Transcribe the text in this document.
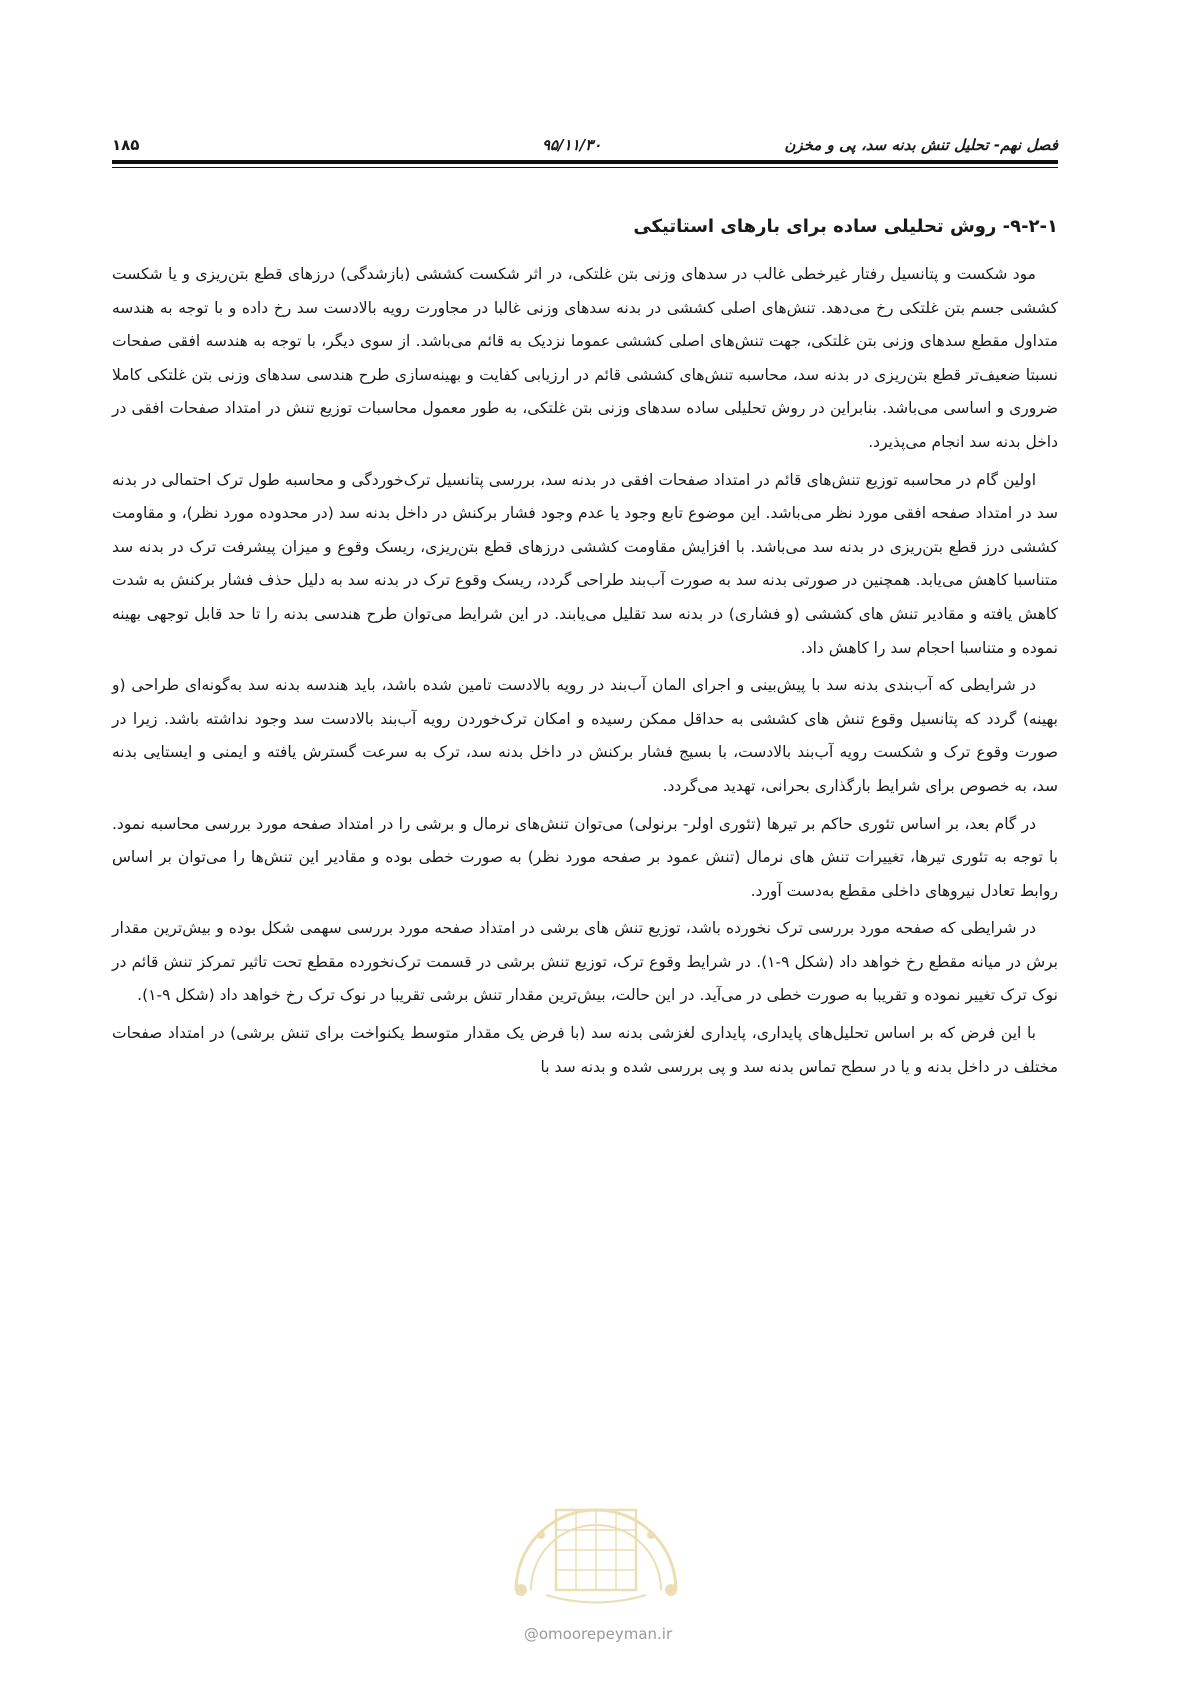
فصل نهم- تحلیل تنش بدنه سد، پی و مخزن
۹۵/۱۱/۳۰
۱۸۵
۹-۲-۱- روش تحلیلی ساده برای بارهای استاتیکی

مود شکست و پتانسیل رفتار غیرخطی غالب در سدهای وزنی بتن غلتکی، در اثر شکست کششی (بازشدگی) درزهای قطع بتن‌ریزی و یا شکست کششی جسم بتن غلتکی رخ می‌دهد. تنش‌های اصلی کششی در بدنه سدهای وزنی غالبا در مجاورت رویه بالادست سد رخ داده و با توجه به هندسه متداول مقطع سدهای وزنی بتن غلتکی، جهت تنش‌های اصلی کششی عموما نزدیک به قائم می‌باشد. از سوی دیگر، با توجه به هندسه افقی صفحات نسبتا ضعیف‌تر قطع بتن‌ریزی در بدنه سد، محاسبه تنش‌های کششی قائم در ارزیابی کفایت و بهینه‌سازی طرح هندسی سدهای وزنی بتن غلتکی کاملا ضروری و اساسی می‌باشد. بنابراین در روش تحلیلی ساده سدهای وزنی بتن غلتکی، به طور معمول محاسبات توزیع تنش در امتداد صفحات افقی در داخل بدنه سد انجام می‌پذیرد.

اولین گام در محاسبه توزیع تنش‌های قائم در امتداد صفحات افقی در بدنه سد، بررسی پتانسیل ترک‌خوردگی و محاسبه طول ترک احتمالی در بدنه سد در امتداد صفحه افقی مورد نظر می‌باشد. این موضوع تابع وجود یا عدم وجود فشار برکنش در داخل بدنه سد (در محدوده مورد نظر)، و مقاومت کششی درز قطع بتن‌ریزی در بدنه سد می‌باشد. با افزایش مقاومت کششی درزهای قطع بتن‌ریزی، ریسک وقوع و میزان پیشرفت ترک در بدنه سد متناسبا کاهش می‌یابد. همچنین در صورتی بدنه سد به صورت آب‌بند طراحی گردد، ریسک وقوع ترک در بدنه سد به دلیل حذف فشار برکنش به شدت کاهش یافته و مقادیر تنش های کششی (و فشاری) در بدنه سد تقلیل می‌یابند. در این شرایط می‌توان طرح هندسی بدنه را تا حد قابل توجهی بهینه نموده و متناسبا احجام سد را کاهش داد.

در شرایطی که آب‌بندی بدنه سد با پیش‌بینی و اجرای المان آب‌بند در رویه بالادست تامین شده باشد، باید هندسه بدنه سد به‌گونه‌ای طراحی (و بهینه) گردد که پتانسیل وقوع تنش های کششی به حداقل ممکن رسیده و امکان ترک‌خوردن رویه آب‌بند بالادست سد وجود نداشته باشد. زیرا در صورت وقوع ترک و شکست رویه آب‌بند بالادست، با بسیج فشار برکنش در داخل بدنه سد، ترک به سرعت گسترش یافته و ایمنی و ایستایی بدنه سد، به خصوص برای شرایط بارگذاری بحرانی، تهدید می‌گردد.

در گام بعد، بر اساس تئوری حاکم بر تیرها (تئوری اولر- برنولی) می‌توان تنش‌های نرمال و برشی را در امتداد صفحه مورد بررسی محاسبه نمود. با توجه به تئوری تیرها، تغییرات تنش های نرمال (تنش عمود بر صفحه مورد نظر) به صورت خطی بوده و مقادیر این تنش‌ها را می‌توان بر اساس روابط تعادل نیروهای داخلی مقطع به‌دست آورد.

در شرایطی که صفحه مورد بررسی ترک نخورده باشد، توزیع تنش های برشی در امتداد صفحه مورد بررسی سهمی شکل بوده و بیش‌ترین مقدار برش در میانه مقطع رخ خواهد داد (شکل ۹-۱). در شرایط وقوع ترک، توزیع تنش برشی در قسمت ترک‌نخورده مقطع تحت تاثیر تمرکز تنش قائم در نوک ترک تغییر نموده و تقریبا به صورت خطی در می‌آید. در این حالت، بیش‌ترین مقدار تنش برشی تقریبا در نوک ترک رخ خواهد داد (شکل ۹-۱).

با این فرض که بر اساس تحلیل‌های پایداری، پایداری لغزشی بدنه سد (با فرض یک مقدار متوسط یکنواخت برای تنش برشی) در امتداد صفحات مختلف در داخل بدنه و یا در سطح تماس بدنه سد و پی بررسی شده و بدنه سد با

@omoorepeyman.ir
